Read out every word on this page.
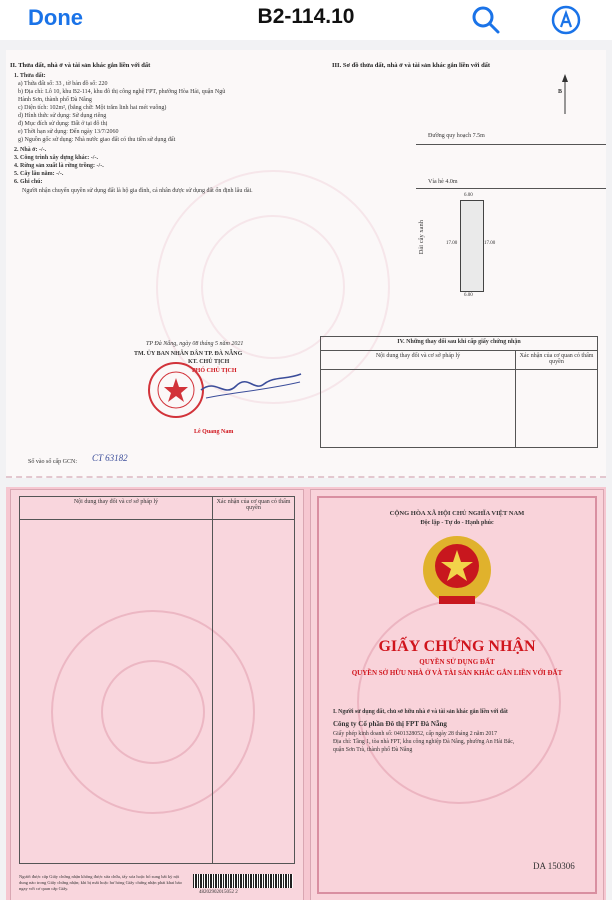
Done	B2-114.10
II. Thửa đất, nhà ở và tài sản khác gắn liền với đất	III. Sơ đồ thửa đất, nhà ở và tài sản khác gắn liền với đất
1. Thửa đất:
a) Thửa đất số: 33 , tờ bản đồ số: 220
b) Địa chỉ: Lô 10, khu B2-114, khu đô thị công nghệ FPT, phường Hòa Hải, quận Ngũ
Hành Sơn, thành phố Đà Nẵng
c) Diện tích: 102m², (bằng chữ: Một trăm linh hai mét vuông)
d) Hình thức sử dụng: Sử dụng riêng
đ) Mục đích sử dụng: Đất ở tại đô thị
e) Thời hạn sử dụng: Đến ngày 13/7/2060
g) Nguồn gốc sử dụng: Nhà nước giao đất có thu tiền sử dụng đất
2. Nhà ở: -/-.
3. Công trình xây dựng khác: -/-.
4. Rừng sản xuất là rừng trồng: -/-.
5. Cây lâu năm: -/-.
6. Ghi chú:
Người nhận chuyển quyền sử dụng đất là hộ gia đình, cá nhân được sử dụng đất ổn định lâu dài.
B
Đường quy hoạch 7.5m
Vỉa hè 4.0m
6.00
6.00
17.00	17.00
Dải cây xanh
TP Đà Nẵng, ngày 08 tháng 5 năm 2021
TM. ỦY BAN NHÂN DÂN TP. ĐÀ NẴNG
KT. CHỦ TỊCH
PHÓ CHỦ TỊCH
Lê Quang Nam
Số vào sổ cấp GCN: CT 63182
IV. Những thay đổi sau khi cấp giấy chứng nhận	
Nội dung thay đổi và cơ sở pháp lý	Xác nhận của cơ quan có thẩm quyền

Nội dung thay đổi và cơ sở pháp lý	Xác nhận của cơ quan có thẩm quyền

Người được cấp Giấy chứng nhận không được sửa chữa, tẩy xóa hoặc bổ sung bất kỳ nội dung nào trong Giấy chứng nhận; khi bị mất hoặc hư hỏng Giấy chứng nhận phải khai báo ngay với cơ quan cấp Giấy.
48202902015052 2
CỘNG HÒA XÃ HỘI CHỦ NGHĨA VIỆT NAM
Độc lập - Tự do - Hạnh phúc
GIẤY CHỨNG NHẬN
QUYỀN SỬ DỤNG ĐẤT
QUYỀN SỞ HỮU NHÀ Ở VÀ TÀI SẢN KHÁC GẮN LIỀN VỚI ĐẤT
I. Người sử dụng đất, chủ sở hữu nhà ở và tài sản khác gắn liền với đất
Công ty Cổ phần Đô thị FPT Đà Nẵng
Giấy phép kinh doanh số: 0401328052, cấp ngày 28 tháng 2 năm 2017
Địa chỉ: Tầng 1, tòa nhà FPT, khu công nghiệp Đà Nẵng, phường An Hải Bắc,
quận Sơn Trà, thành phố Đà Nẵng
DA 150306
